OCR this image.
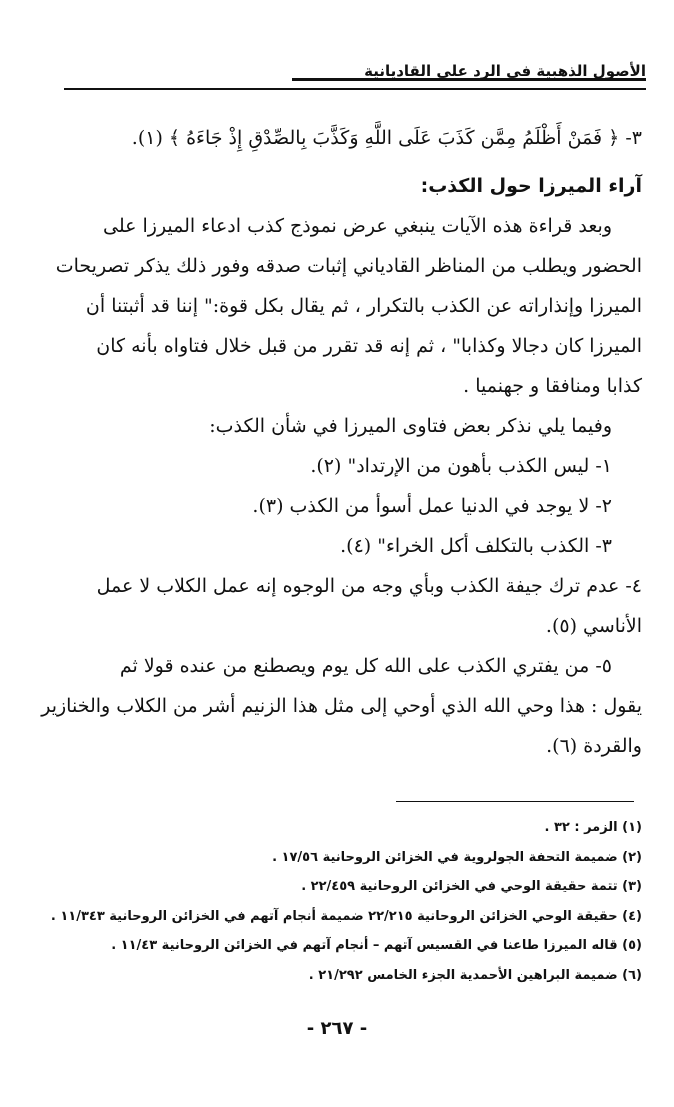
الأصول الذهبية في الرد على القاديانية
٣- ﴿ فَمَنْ أَظْلَمُ مِمَّن كَذَبَ عَلَى اللَّهِ وَكَذَّبَ بِالصِّدْقِ إِذْ جَاءَهُ ﴾ (١).
آراء الميرزا حول الكذب:
وبعد قراءة هذه الآيات ينبغي عرض نموذج كذب ادعاء الميرزا على
الحضور ويطلب من المناظر القادياني إثبات صدقه وفور ذلك يذكر تصريحات
الميرزا وإنذاراته عن الكذب بالتكرار ، ثم يقال بكل قوة:" إننا قد أثبتنا أن
الميرزا كان دجالا وكذابا" ، ثم إنه قد تقرر من قبل خلال فتاواه بأنه كان
كذابا ومنافقا و جهنميا .
وفيما يلي نذكر بعض فتاوى الميرزا في شأن الكذب:
١- ليس الكذب بأهون من الإرتداد" (٢).
٢- لا يوجد في الدنيا عمل أسوأ من الكذب (٣).
٣- الكذب بالتكلف أكل الخراء" (٤).
٤- عدم ترك جيفة الكذب وبأي وجه من الوجوه إنه عمل الكلاب لا عمل
الأناسي (٥).
٥- من يفتري الكذب على الله كل يوم ويصطنع من عنده قولا ثم
يقول : هذا وحي الله الذي أوحي إلى مثل هذا الزنيم أشر من الكلاب والخنازير
والقردة (٦).
(١) الزمر : ٣٢ .
(٢) ضميمة التحفة الجولروية في الخزائن الروحانية ١٧/٥٦ .
(٣) تتمة حقيقة الوحي في الخزائن الروحانية ٢٢/٤٥٩ .
(٤) حقيقة الوحي الخزائن الروحانية ٢٢/٢١٥ ضميمة أنجام آتهم في الخزائن الروحانية ١١/٣٤٣ .
(٥) قاله الميرزا طاعنا في القسيس آتهم – أنجام آتهم في الخزائن الروحانية ١١/٤٣ .
(٦) ضميمة البراهين الأحمدية الجزء الخامس ٢١/٢٩٢ .
- ٢٦٧ -
